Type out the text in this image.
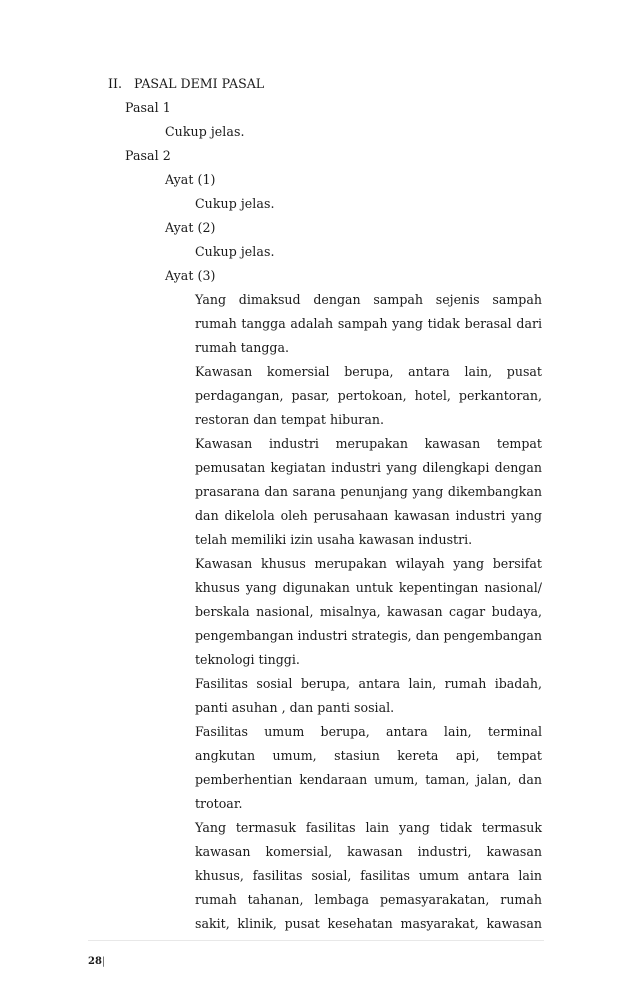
II. PASAL DEMI PASAL
Pasal 1
Cukup jelas.
Pasal 2
Ayat (1)
Cukup jelas.
Ayat (2)
Cukup jelas.
Ayat (3)
Yang dimaksud dengan sampah sejenis sampah
rumah tangga adalah sampah yang tidak berasal dari
rumah tangga.
Kawasan komersial berupa, antara lain, pusat
perdagangan, pasar, pertokoan, hotel, perkantoran,
restoran dan tempat hiburan.
Kawasan industri merupakan kawasan tempat
pemusatan kegiatan industri yang dilengkapi dengan
prasarana dan sarana penunjang yang dikembangkan
dan dikelola oleh perusahaan kawasan industri yang
telah memiliki izin usaha kawasan industri.
Kawasan khusus merupakan wilayah yang bersifat
khusus yang digunakan untuk kepentingan nasional/
berskala nasional, misalnya, kawasan cagar budaya,
pengembangan industri strategis, dan pengembangan
teknologi tinggi.
Fasilitas sosial berupa, antara lain, rumah ibadah,
panti asuhan , dan panti sosial.
Fasilitas umum berupa, antara lain, terminal
angkutan umum, stasiun kereta api, tempat
pemberhentian kendaraan umum, taman, jalan, dan
trotoar.
Yang termasuk fasilitas lain yang tidak termasuk
kawasan komersial, kawasan industri, kawasan
khusus, fasilitas sosial, fasilitas umum antara lain
rumah tahanan, lembaga pemasyarakatan, rumah
sakit, klinik, pusat kesehatan masyarakat, kawasan
28|
